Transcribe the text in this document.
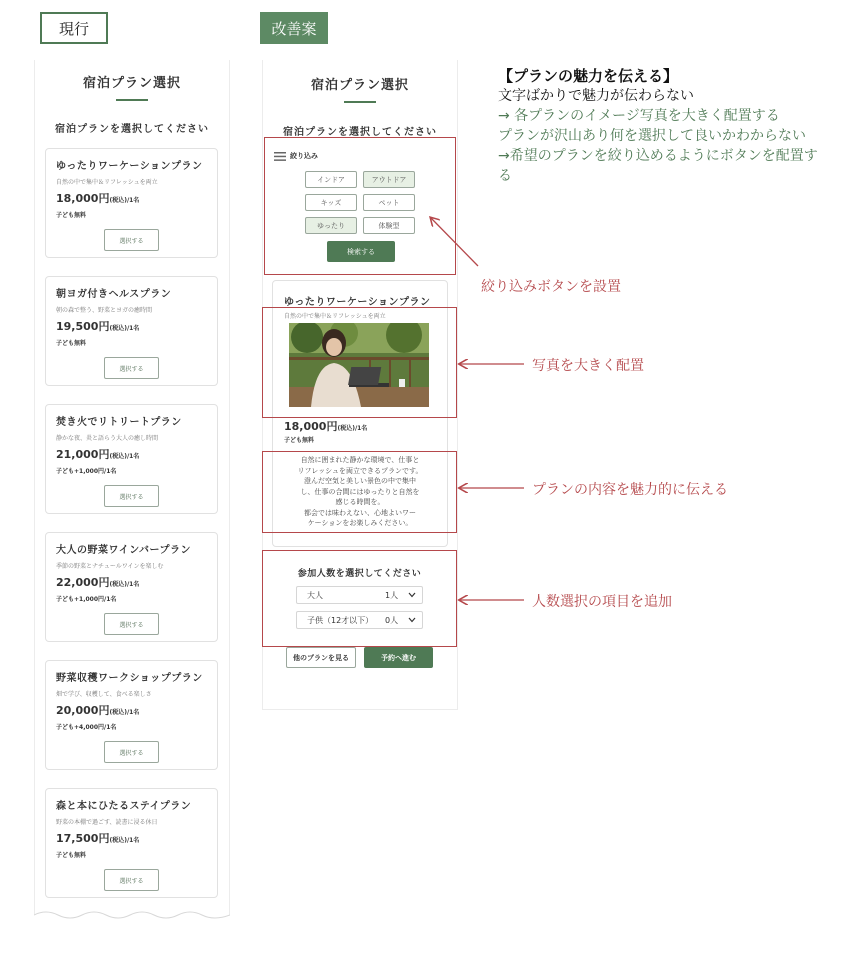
現行	改善案
宿泊プラン選択
宿泊プランを選択してください
ゆったりワーケーションプラン
自然の中で集中＆リフレッシュを両立
18,000円(税込)/1名
子ども無料
選択する
朝ヨガ付きヘルスプラン
朝の森で整う、野菜とヨガの癒時間
19,500円(税込)/1名
子ども無料
選択する
焚き火でリトリートプラン
静かな夜、炎と語らう大人の癒し時間
21,000円(税込)/1名
子ども+1,000円/1名
選択する
大人の野菜ワインバープラン
季節の野菜とナチュールワインを楽しむ
22,000円(税込)/1名
子ども+1,000円/1名
選択する
野菜収穫ワークショッププラン
畑で学び、収穫して、食べる楽しさ
20,000円(税込)/1名
子ども+4,000円/1名
選択する
森と本にひたるステイプラン
野菜の本棚で過ごす、読書に浸る休日
17,500円(税込)/1名
子ども無料
選択する
宿泊プラン選択
宿泊プランを選択してください
絞り込み
インドア	アウトドア
キッズ	ペット
ゆったり	体験型
検索する
ゆったりワーケーションプラン
自然の中で集中＆リフレッシュを両立
18,000円(税込)/1名
子ども無料
自然に囲まれた静かな環境で、仕事と
リフレッシュを両立できるプランです。
澄んだ空気と美しい景色の中で集中
し、仕事の合間にはゆったりと自然を
感じる時間を。
都会では味わえない、心地よいワー
ケーションをお楽しみください。
参加人数を選択してください
大人	1人
子供（12才以下） 0人
他のプランを見る	予約へ進む
絞り込みボタンを設置
写真を大きく配置
プランの内容を魅力的に伝える
人数選択の項目を追加
【プランの魅力を伝える】
文字ばかりで魅力が伝わらない
→ 各プランのイメージ写真を大きく配置する
プランが沢山あり何を選択して良いかわからない
→希望のプランを絞り込めるようにボタンを配置する
